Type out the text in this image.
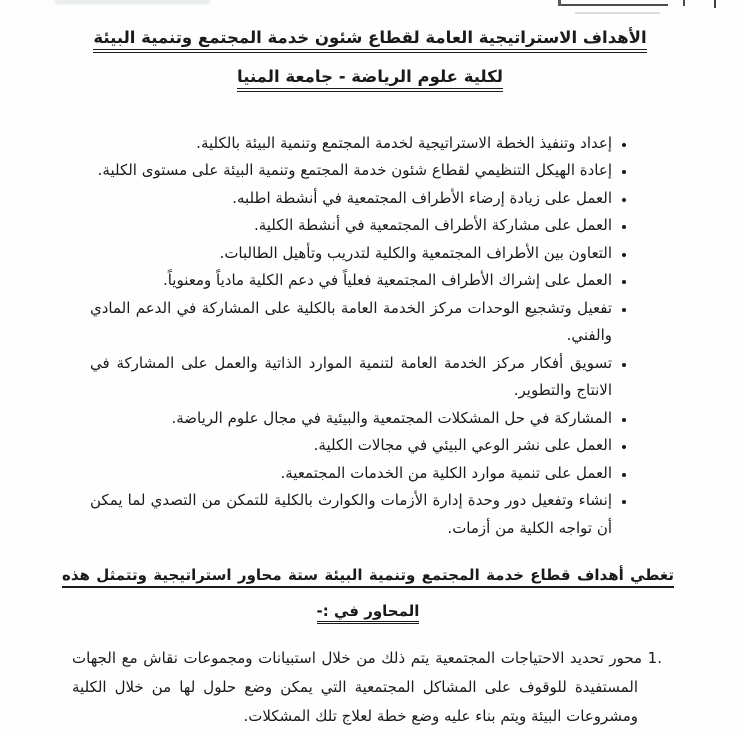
الأهداف الاستراتيجية العامة لقطاع شئون خدمة المجتمع وتنمية البيئة
لكلية علوم الرياضة - جامعة المنيا
• إعداد وتنفيذ الخطة الاستراتيجية لخدمة المجتمع وتنمية البيئة بالكلية.
• إعادة الهيكل التنظيمي لقطاع شئون خدمة المجتمع وتنمية البيئة على مستوى الكلية.
• العمل على زيادة إرضاء الأطراف المجتمعية في أنشطة اطلبه.
• العمل على مشاركة الأطراف المجتمعية في أنشطة الكلية.
• التعاون بين الأطراف المجتمعية والكلية لتدريب وتأهيل الطالبات.
• العمل على إشراك الأطراف المجتمعية فعلياً في دعم الكلية مادياً ومعنوياً.
• تفعيل وتشجيع الوحدات مركز الخدمة العامة بالكلية على المشاركة في الدعم المادي والفني.
• تسويق أفكار مركز الخدمة العامة لتنمية الموارد الذاتية والعمل على المشاركة في الانتاج والتطوير.
• المشاركة في حل المشكلات المجتمعية والبيئية في مجال علوم الرياضة.
• العمل على نشر الوعي البيئي في مجالات الكلية.
• العمل على تنمية موارد الكلية من الخدمات المجتمعية.
• إنشاء وتفعيل دور وحدة إدارة الأزمات والكوارث بالكلية للتمكن من التصدي لما يمكن أن تواجه الكلية من أزمات.
تغطي أهداف قطاع خدمة المجتمع وتنمية البيئة ستة محاور استراتيجية وتتمثل هذه
المحاور في :-
1. محور تحديد الاحتياجات المجتمعية يتم ذلك من خلال استبيانات ومجموعات نقاش مع الجهات المستفيدة للوقوف على المشاكل المجتمعية التي يمكن وضع حلول لها من خلال الكلية ومشروعات البيئة ويتم بناء عليه وضع خطة لعلاج تلك المشكلات.
